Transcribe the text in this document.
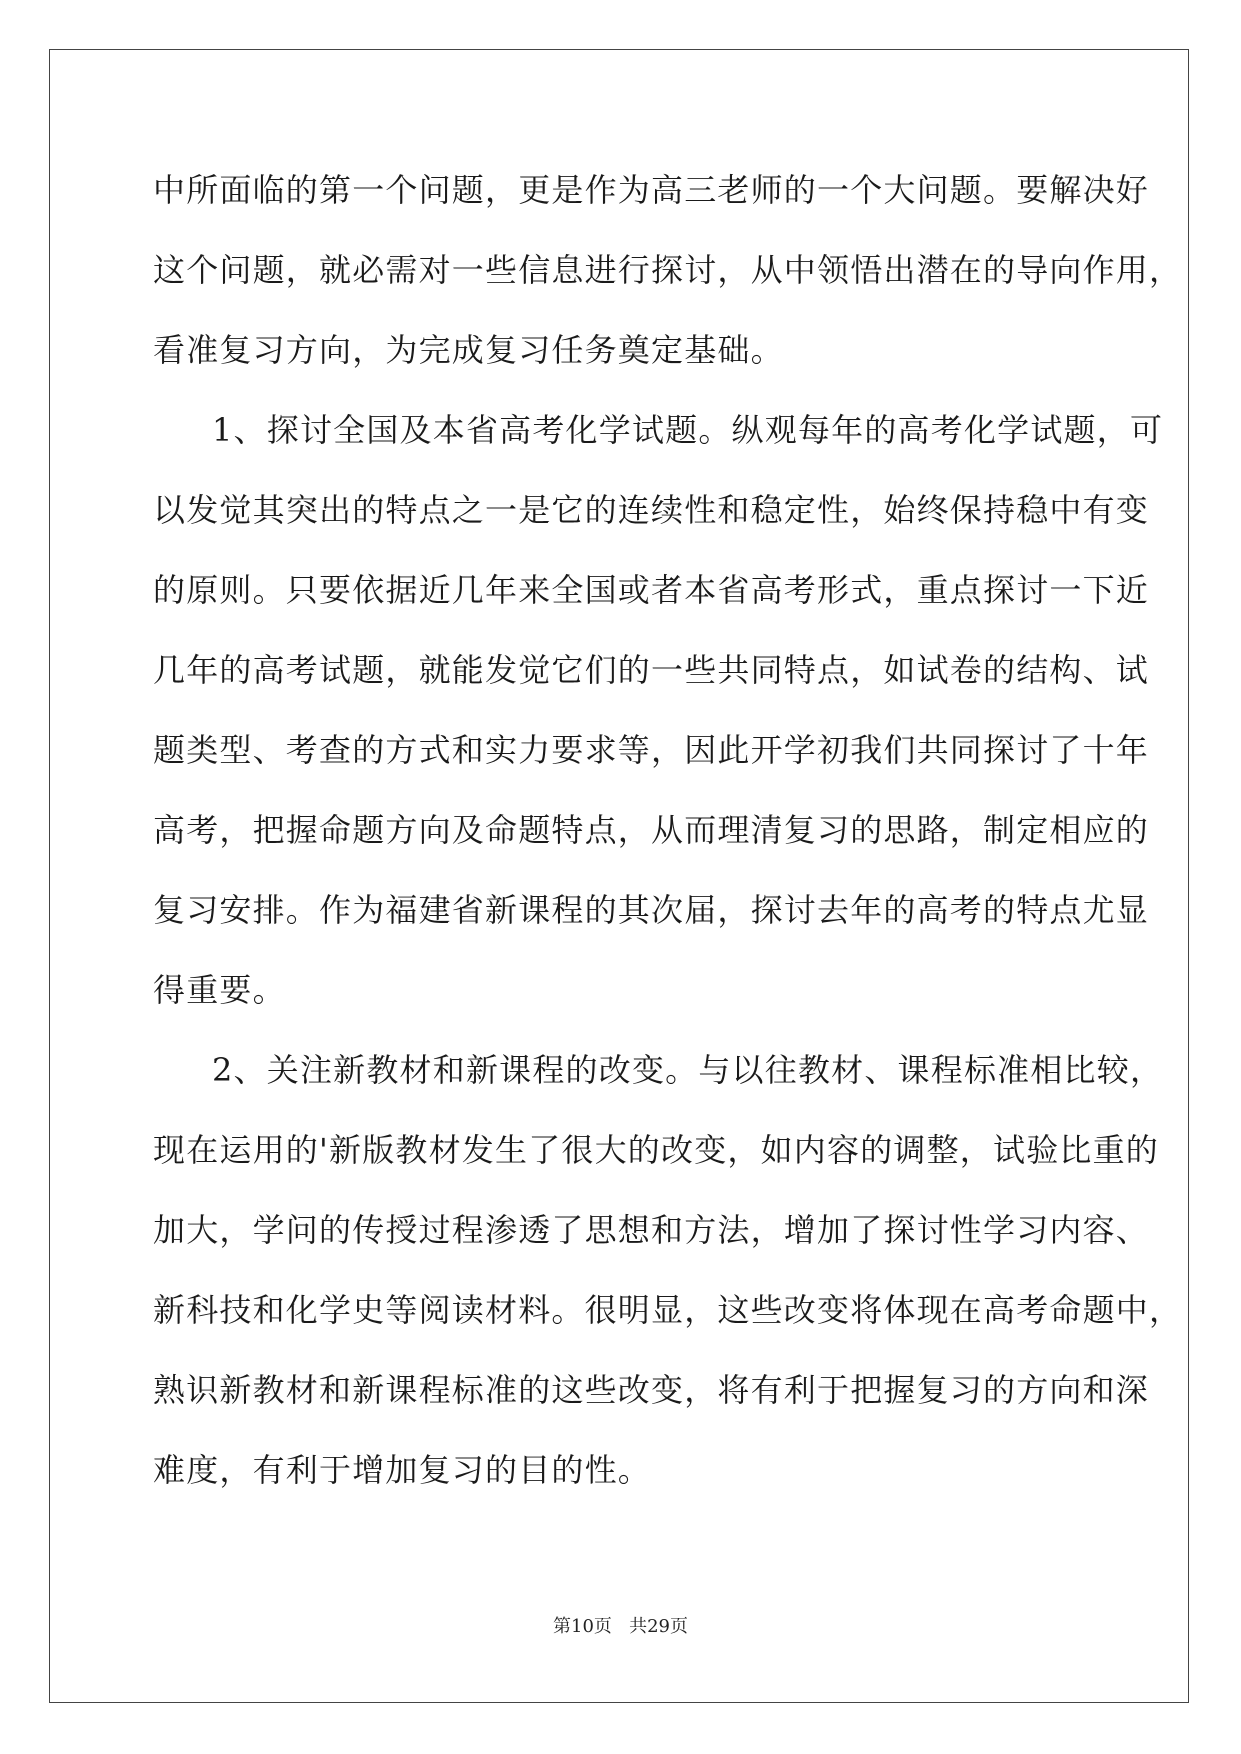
中所面临的第一个问题，更是作为高三老师的一个大问题。要解决好
这个问题，就必需对一些信息进行探讨，从中领悟出潜在的导向作用，
看准复习方向，为完成复习任务奠定基础。
1、探讨全国及本省高考化学试题。纵观每年的高考化学试题，可
以发觉其突出的特点之一是它的连续性和稳定性，始终保持稳中有变
的原则。只要依据近几年来全国或者本省高考形式，重点探讨一下近
几年的高考试题，就能发觉它们的一些共同特点，如试卷的结构、试
题类型、考查的方式和实力要求等，因此开学初我们共同探讨了十年
高考，把握命题方向及命题特点，从而理清复习的思路，制定相应的
复习安排。作为福建省新课程的其次届，探讨去年的高考的特点尤显
得重要。
2、关注新教材和新课程的改变。与以往教材、课程标准相比较，
现在运用的'新版教材发生了很大的改变，如内容的调整，试验比重的
加大，学问的传授过程渗透了思想和方法，增加了探讨性学习内容、
新科技和化学史等阅读材料。很明显，这些改变将体现在高考命题中，
熟识新教材和新课程标准的这些改变，将有利于把握复习的方向和深
难度，有利于增加复习的目的性。
第10页 共29页
